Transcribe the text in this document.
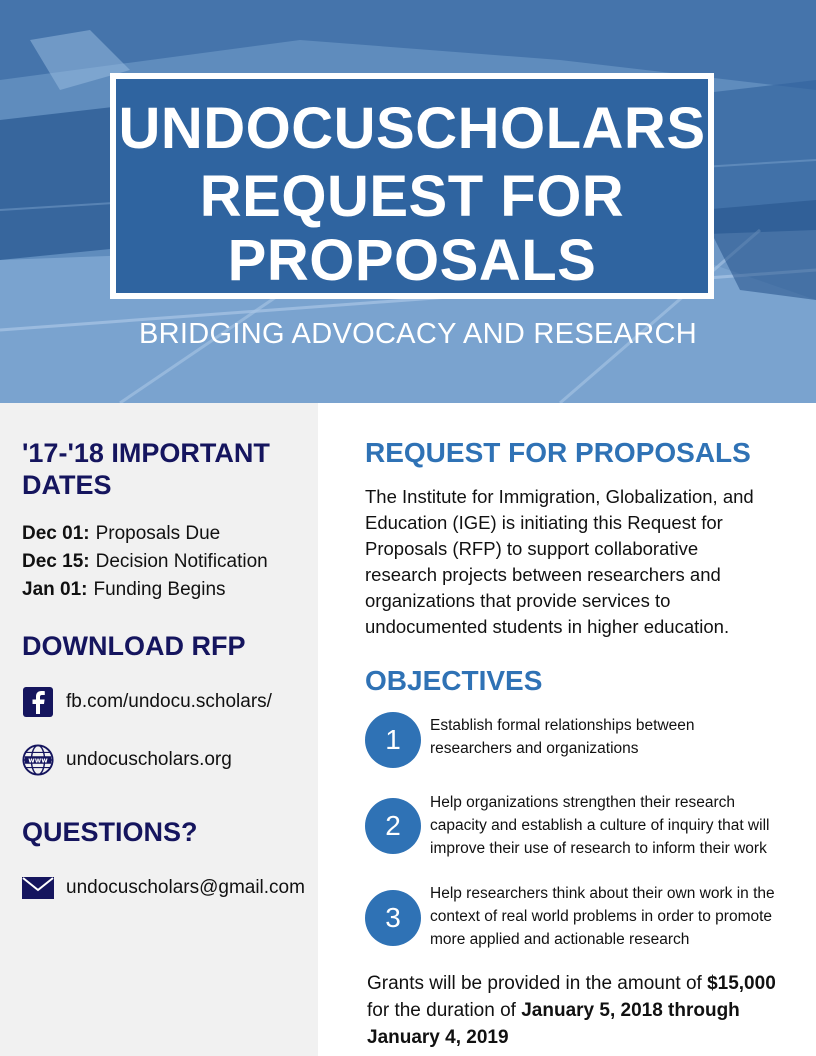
UNDOCUSCHOLARS
REQUEST FOR
PROPOSALS
BRIDGING ADVOCACY AND RESEARCH
'17-'18 IMPORTANT DATES
Dec 01: Proposals Due
Dec 15: Decision Notification
Jan 01: Funding Begins
DOWNLOAD RFP
fb.com/undocu.scholars/
www undocuscholars.org
QUESTIONS?
undocuscholars@gmail.com
REQUEST FOR PROPOSALS

The Institute for Immigration, Globalization, and Education (IGE) is initiating this Request for Proposals (RFP) to support collaborative research projects between researchers and organizations that provide services to undocumented students in higher education.

OBJECTIVES
1	Establish formal relationships between researchers and organizations
2
Help organizations strengthen their research capacity and establish a culture of inquiry that will improve their use of research to inform their work
3
Help researchers think about their own work in the context of real world problems in order to promote more applied and actionable research

Grants will be provided in the amount of $15,000 for the duration of January 5, 2018 through January 4, 2019
